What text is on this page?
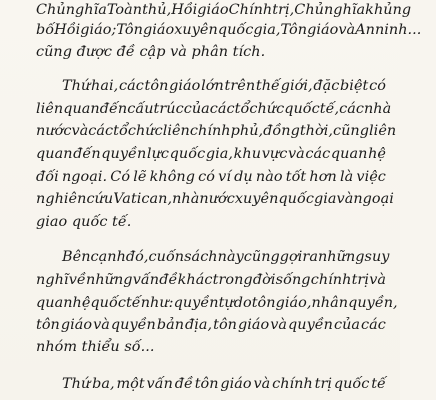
Chủ nghĩa Toàn thủ, Hồi giáo Chính trị, Chủ nghĩa khủng
bố Hồi giáo; Tôn giáo xuyên quốc gia, Tôn giáo và An ninh...
cũng được đề cập và phân tích.
Thứ hai, các tôn giáo lớn trên thế giới, đặc biệt có
liên quan đến cấu trúc của các tổ chức quốc tế, các nhà
nước và các tổ chức liên chính phủ, đồng thời, cũng liên
quan đến quyền lực quốc gia, khu vực và các quan hệ
đối ngoại. Có lẽ không có ví dụ nào tốt hơn là việc
nghiên cứu Vatican, nhà nước xuyên quốc gia và ngoại
giao quốc tế.
Bên cạnh đó, cuốn sách này cũng gợi ra những suy
nghĩ về những vấn đề khác trong đời sống chính trị và
quan hệ quốc tế như: quyền tự do tôn giáo, nhân quyền,
tôn giáo và quyền bản địa, tôn giáo và quyền của các
nhóm thiểu số...
Thứ ba, một vấn đề tôn giáo và chính trị quốc tế
